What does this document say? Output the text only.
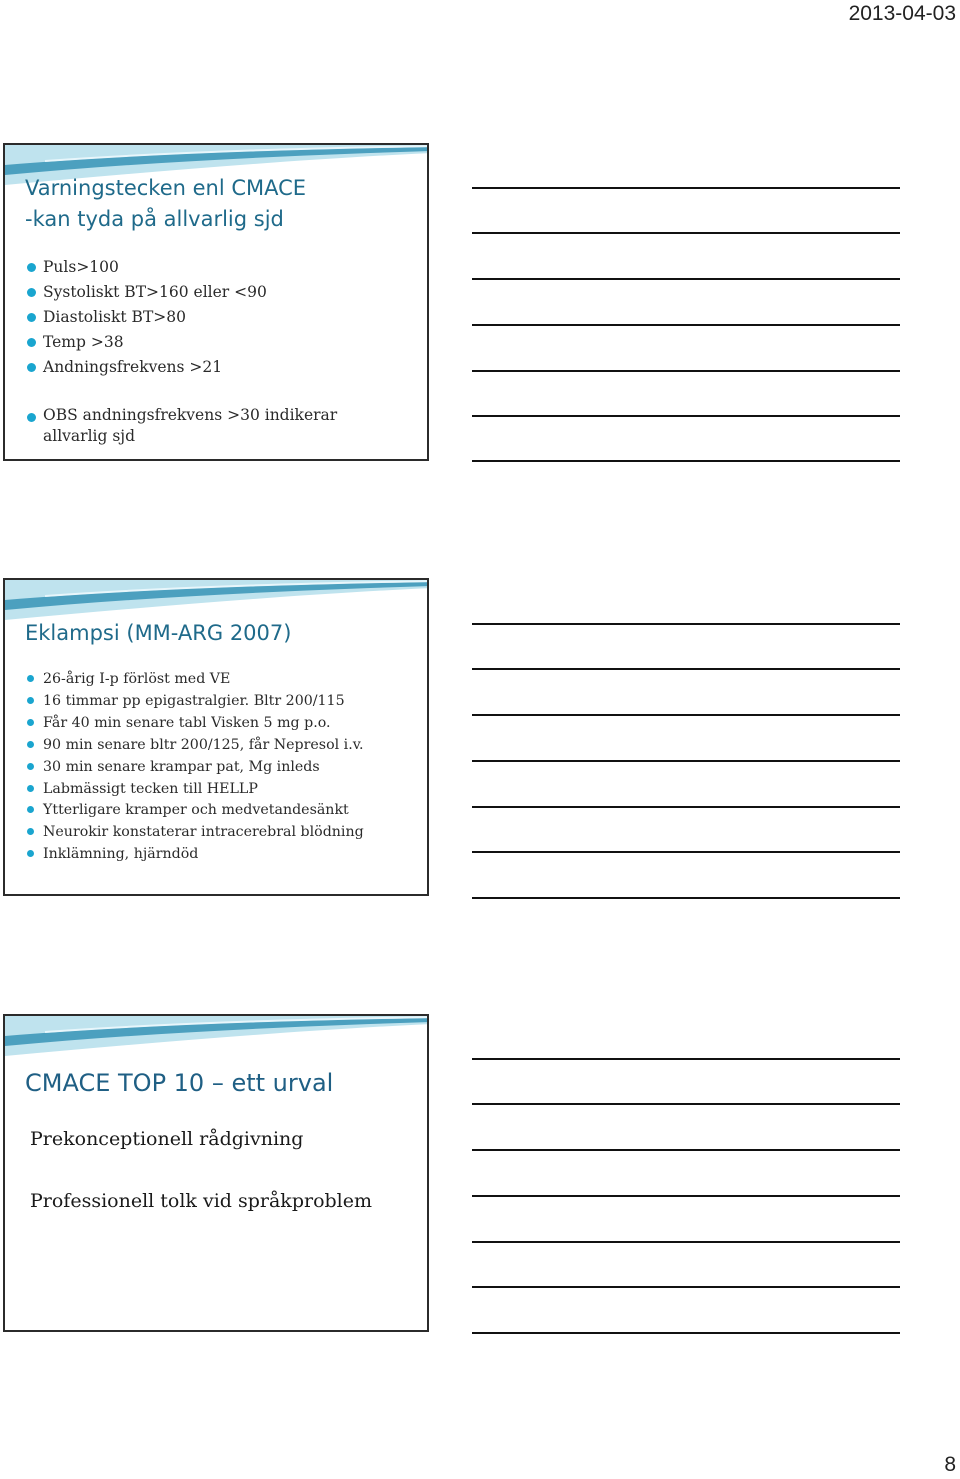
2013-04-03
Varningstecken enl CMACE
-kan tyda på allvarlig sjd
Puls>100
Systoliskt BT>160 eller <90
Diastoliskt BT>80
Temp >38
Andningsfrekvens >21
OBS andningsfrekvens >30 indikerar
allvarlig sjd
Eklampsi (MM-ARG 2007)
26-årig I-p förlöst med VE
16 timmar pp epigastralgier. Bltr 200/115
Får 40 min senare tabl Visken 5 mg p.o.
90 min senare bltr 200/125, får Nepresol i.v.
30 min senare krampar pat, Mg inleds
Labmässigt tecken till HELLP
Ytterligare kramper och medvetandesänkt
Neurokir konstaterar intracerebral blödning
Inklämning, hjärndöd
CMACE TOP 10 – ett urval

Prekonceptionell rådgivning

Professionell tolk vid språkproblem

8
